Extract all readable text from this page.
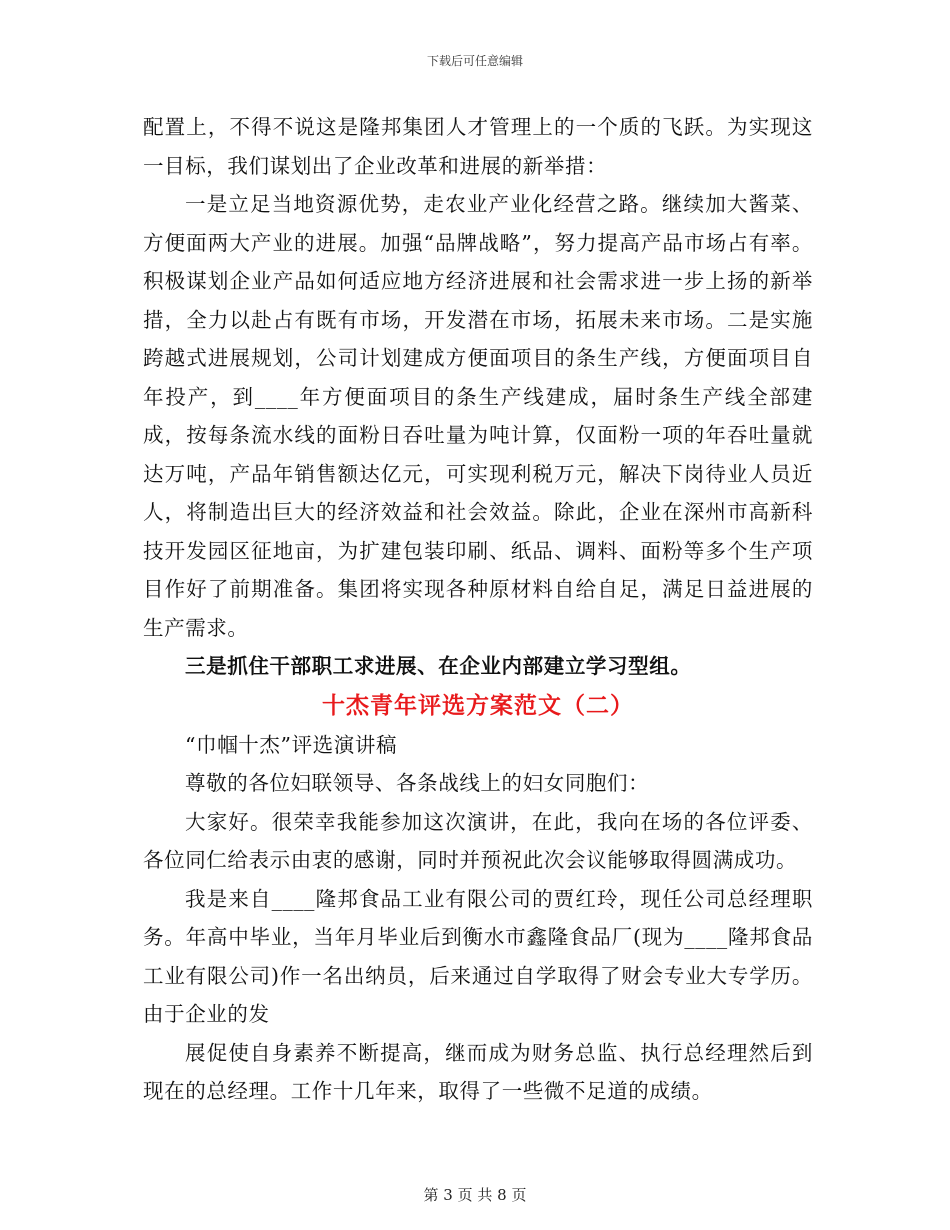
下载后可任意编辑

配置上，不得不说这是隆邦集团人才管理上的一个质的飞跃。为实现这一目标，我们谋划出了企业改革和进展的新举措：

一是立足当地资源优势，走农业产业化经营之路。继续加大酱菜、方便面两大产业的进展。加强“品牌战略”，努力提高产品市场占有率。积极谋划企业产品如何适应地方经济进展和社会需求进一步上扬的新举措，全力以赴占有既有市场，开发潜在市场，拓展未来市场。二是实施跨越式进展规划，公司计划建成方便面项目的条生产线，方便面项目自年投产，到____年方便面项目的条生产线建成，届时条生产线全部建成，按每条流水线的面粉日吞吐量为吨计算，仅面粉一项的年吞吐量就达万吨，产品年销售额达亿元，可实现利税万元，解决下岗待业人员近人，将制造出巨大的经济效益和社会效益。除此，企业在深州市高新科技开发园区征地亩，为扩建包装印刷、纸品、调料、面粉等多个生产项目作好了前期准备。集团将实现各种原材料自给自足，满足日益进展的生产需求。

三是抓住干部职工求进展、在企业内部建立学习型组。

十杰青年评选方案范文（二）

“巾帼十杰”评选演讲稿

尊敬的各位妇联领导、各条战线上的妇女同胞们：

大家好。很荣幸我能参加这次演讲，在此，我向在场的各位评委、各位同仁给表示由衷的感谢，同时并预祝此次会议能够取得圆满成功。

我是来自____隆邦食品工业有限公司的贾红玲，现任公司总经理职务。年高中毕业，当年月毕业后到衡水市鑫隆食品厂(现为____隆邦食品工业有限公司)作一名出纳员，后来通过自学取得了财会专业大专学历。由于企业的发

展促使自身素养不断提高，继而成为财务总监、执行总经理然后到现在的总经理。工作十几年来，取得了一些微不足道的成绩。

第 3 页 共 8 页
